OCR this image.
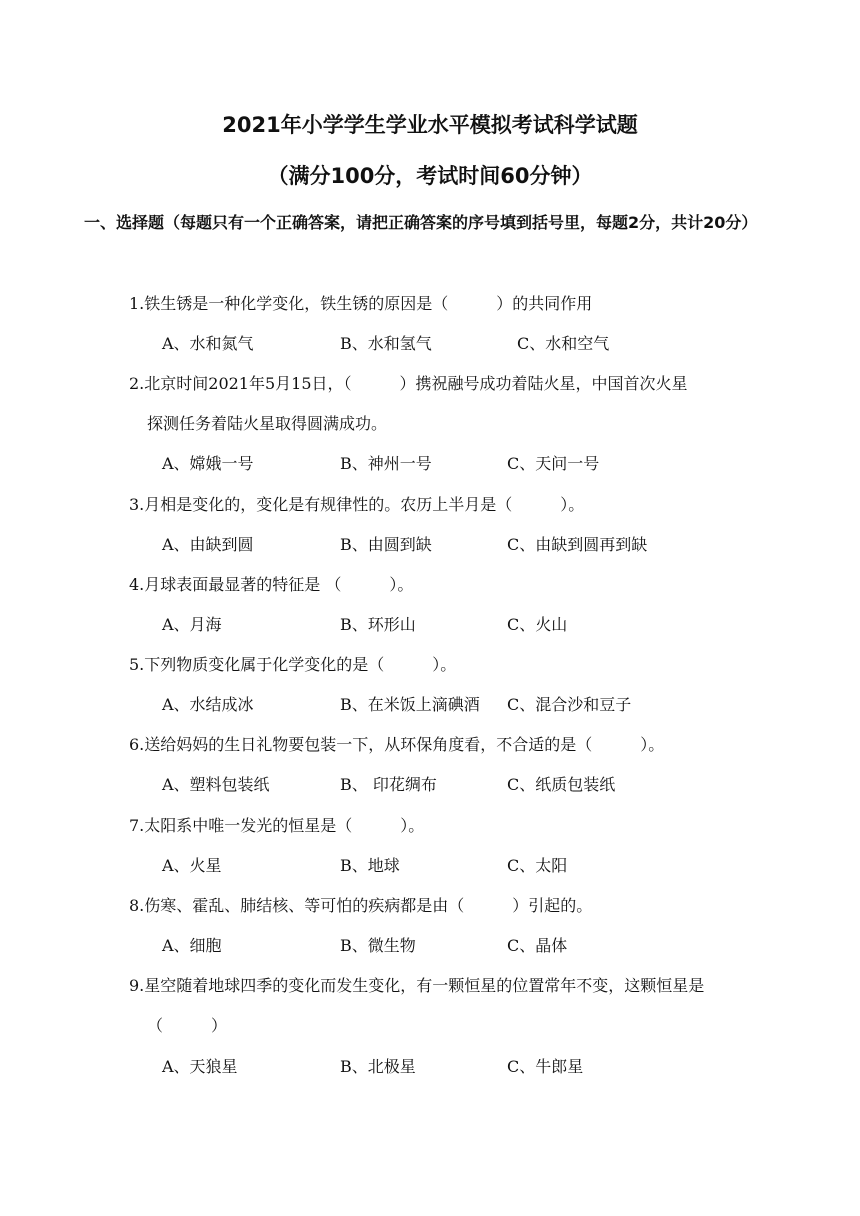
2021年小学学生学业水平模拟考试科学试题
（满分100分，考试时间60分钟）
一、选择题（每题只有一个正确答案，请把正确答案的序号填到括号里，每题2分，共计20分）
1.铁生锈是一种化学变化，铁生锈的原因是（　　　）的共同作用
A、水和氮气	B、水和氢气	C、水和空气
2.北京时间2021年5月15日，（　　　）携祝融号成功着陆火星，中国首次火星
探测任务着陆火星取得圆满成功。
A、嫦娥一号	B、神州一号	C、天问一号
3.月相是变化的，变化是有规律性的。农历上半月是（　　　）。
A、由缺到圆	B、由圆到缺	C、由缺到圆再到缺
4.月球表面最显著的特征是 （　　　）。
A、月海	B、环形山	C、火山
5.下列物质变化属于化学变化的是（　　　）。
A、水结成冰	B、在米饭上滴碘酒 C、混合沙和豆子
6.送给妈妈的生日礼物要包装一下，从环保角度看，不合适的是（　　　）。
A、塑料包装纸	B、 印花绸布	C、纸质包装纸
7.太阳系中唯一发光的恒星是（　　　）。
A、火星	B、地球	C、太阳
8.伤寒、霍乱、肺结核、等可怕的疾病都是由（　　　）引起的。
A、细胞	B、微生物	C、晶体
9.星空随着地球四季的变化而发生变化，有一颗恒星的位置常年不变，这颗恒星是
（　　　）
A、天狼星	B、北极星	C、牛郎星
